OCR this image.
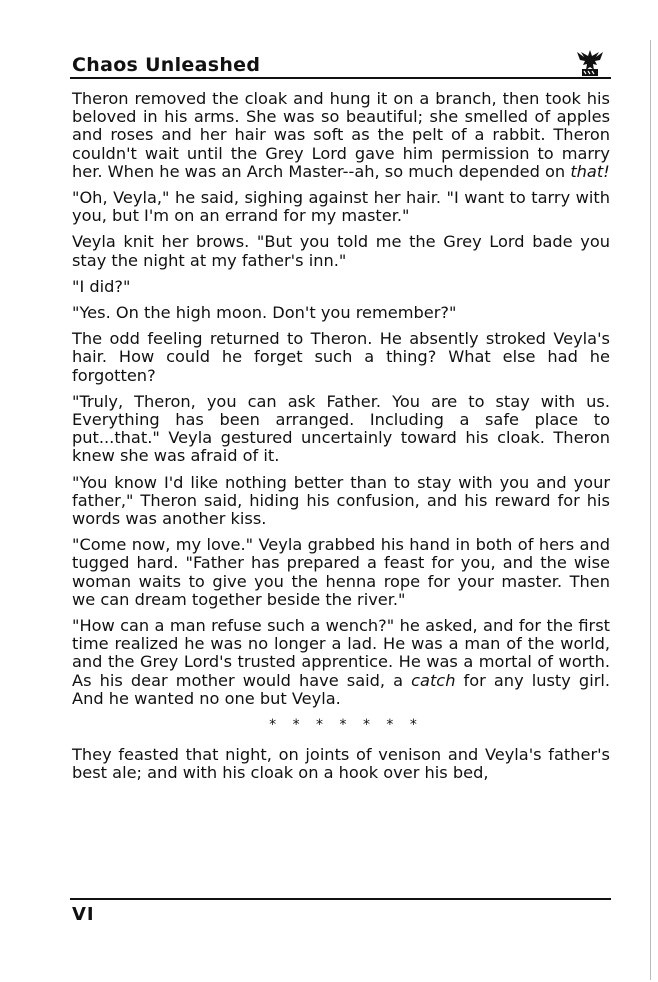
Chaos Unleashed

Theron removed the cloak and hung it on a branch, then took his beloved in his arms. She was so beautiful; she smelled of apples and roses and her hair was soft as the pelt of a rabbit. Theron couldn't wait until the Grey Lord gave him permission to marry her. When he was an Arch Master-‑ah, so much depended on that!

"Oh, Veyla," he said, sighing against her hair. "I want to tarry with you, but I'm on an errand for my master."

Veyla knit her brows. "But you told me the Grey Lord bade you stay the night at my father's inn."

"I did?"

"Yes. On the high moon. Don't you remember?"

The odd feeling returned to Theron. He absently stroked Veyla's hair. How could he forget such a thing? What else had he forgotten?

"Truly, Theron, you can ask Father. You are to stay with us. Everything has been arranged. Including a safe place to put...that." Veyla gestured uncertainly toward his cloak. Theron knew she was afraid of it.

"You know I'd like nothing better than to stay with you and your father," Theron said, hiding his confusion, and his reward for his words was another kiss.

"Come now, my love." Veyla grabbed his hand in both of hers and tugged hard. "Father has prepared a feast for you, and the wise woman waits to give you the henna rope for your master. Then we can dream together beside the river."

"How can a man refuse such a wench?" he asked, and for the first time realized he was no longer a lad. He was a man of the world, and the Grey Lord's trusted apprentice. He was a mortal of worth. As his dear mother would have said, a catch for any lusty girl. And he wanted no one but Veyla.

* * * * * * *

They feasted that night, on joints of venison and Veyla's father's best ale; and with his cloak on a hook over his bed,

VI
